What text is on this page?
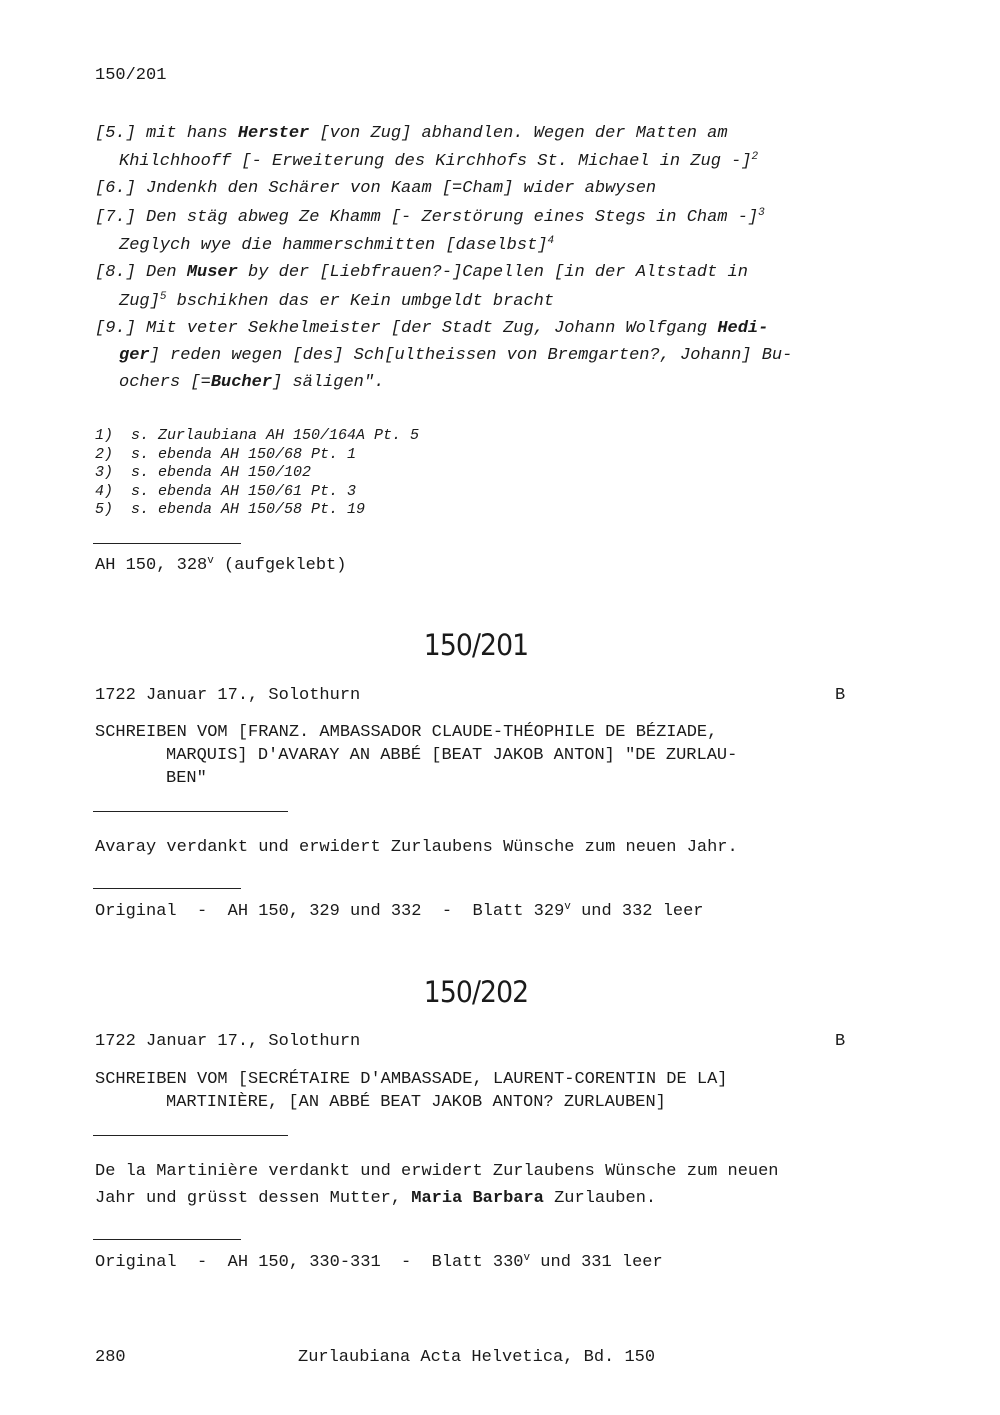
150/201
[5.] mit hans Herster [von Zug] abhandlen. Wegen der Matten am
Khilchhooff [- Erweiterung des Kirchhofs St. Michael in Zug -]$^2$
[6.] Jndenkh den Schärer von Kaam [=Cham] wider abwysen
[7.] Den stäg abweg Ze Khamm [- Zerstörung eines Stegs in Cham -]$^3$
Zeglych wye die hammerschmitten [daselbst]$^4$
[8.] Den Muser by der [Liebfrauen?-]Capellen [in der Altstadt in
Zug]$^5$ bschikhen das er Kein umbgeldt bracht
[9.] Mit veter Sekhelmeister [der Stadt Zug, Johann Wolfgang Hedi-
ger] reden wegen [des] Sch[ultheissen von Bremgarten?, Johann] Bu-
ochers [=Bucher] säligen".
1)  s. Zurlaubiana AH 150/164A Pt. 5
2)  s. ebenda AH 150/68 Pt. 1
3)  s. ebenda AH 150/102
4)  s. ebenda AH 150/61 Pt. 3
5)  s. ebenda AH 150/58 Pt. 19
AH 150, 328$^v$ (aufgeklebt)
150/201
1722 Januar 17., Solothurn	B
SCHREIBEN VOM [FRANZ. AMBASSADOR CLAUDE-THÉOPHILE DE BÉZIADE,
MARQUIS] D'AVARAY AN ABBÉ [BEAT JAKOB ANTON] "DE ZURLAU-
BEN"
Avaray verdankt und erwidert Zurlaubens Wünsche zum neuen Jahr.
Original  -  AH 150, 329 und 332  -  Blatt 329$^v$ und 332 leer
150/202
1722 Januar 17., Solothurn	B
SCHREIBEN VOM [SECRÉTAIRE D'AMBASSADE, LAURENT-CORENTIN DE LA]
MARTINIÈRE, [AN ABBÉ BEAT JAKOB ANTON? ZURLAUBEN]
De la Martinière verdankt und erwidert Zurlaubens Wünsche zum neuen
Jahr und grüsst dessen Mutter, Maria Barbara Zurlauben.
Original  -  AH 150, 330-331  -  Blatt 330$^v$ und 331 leer
280	Zurlaubiana Acta Helvetica, Bd. 150
